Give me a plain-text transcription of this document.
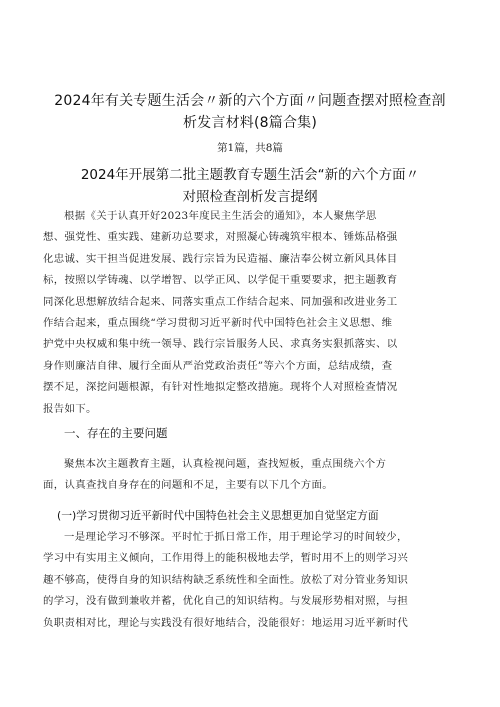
2024年有关专题生活会〃新的六个方面〃问题查摆对照检查剖
析发言材料(8篇合集)
第1篇，共8篇
2024年开展第二批主题教育专题生活会“新的六个方面〃
对照检查剖析发言提纲
根据《关于认真开好2023年度民主生活会的通知》，本人聚焦学思
想、强党性、重实践、建新功总要求，对照凝心铸魂筑牢根本、锤炼品格强
化忠诚、实干担当促进发展、践行宗旨为民造福、廉洁奉公树立新风具体目
标，按照以学铸魂、以学增智、以学正风、以学促干重要要求，把主题教育
同深化思想解放结合起来、同落实重点工作结合起来、同加强和改进业务工
作结合起来，重点围绕“学习贯彻习近平新时代中国特色社会主义思想、维
护党中央权威和集中统一领导、践行宗旨服务人民、求真务实狠抓落实、以
身作则廉洁自律、履行全面从严治党政治责任”等六个方面，总结成绩，查
摆不足，深挖问题根源，有针对性地拟定整改措施。现将个人对照检查情况
报告如下。
一、存在的主要问题
聚焦本次主题教育主题，认真检视问题，查找短板，重点围绕六个方
面，认真查找自身存在的问题和不足，主要有以下几个方面。
(一)学习贯彻习近平新时代中国特色社会主义思想更加自觉坚定方面
一是理论学习不够深。平时忙于抓日常工作，用于理论学习的时间较少，
学习中有实用主义倾向，工作用得上的能积极地去学，暂时用不上的则学习兴
趣不够高，使得自身的知识结构缺乏系统性和全面性。放松了对分管业务知识
的学习，没有做到兼收并蓄，优化自己的知识结构。与发展形势相对照，与担
负职责相对比，理论与实践没有很好地结合，没能很好：地运用习近平新时代
